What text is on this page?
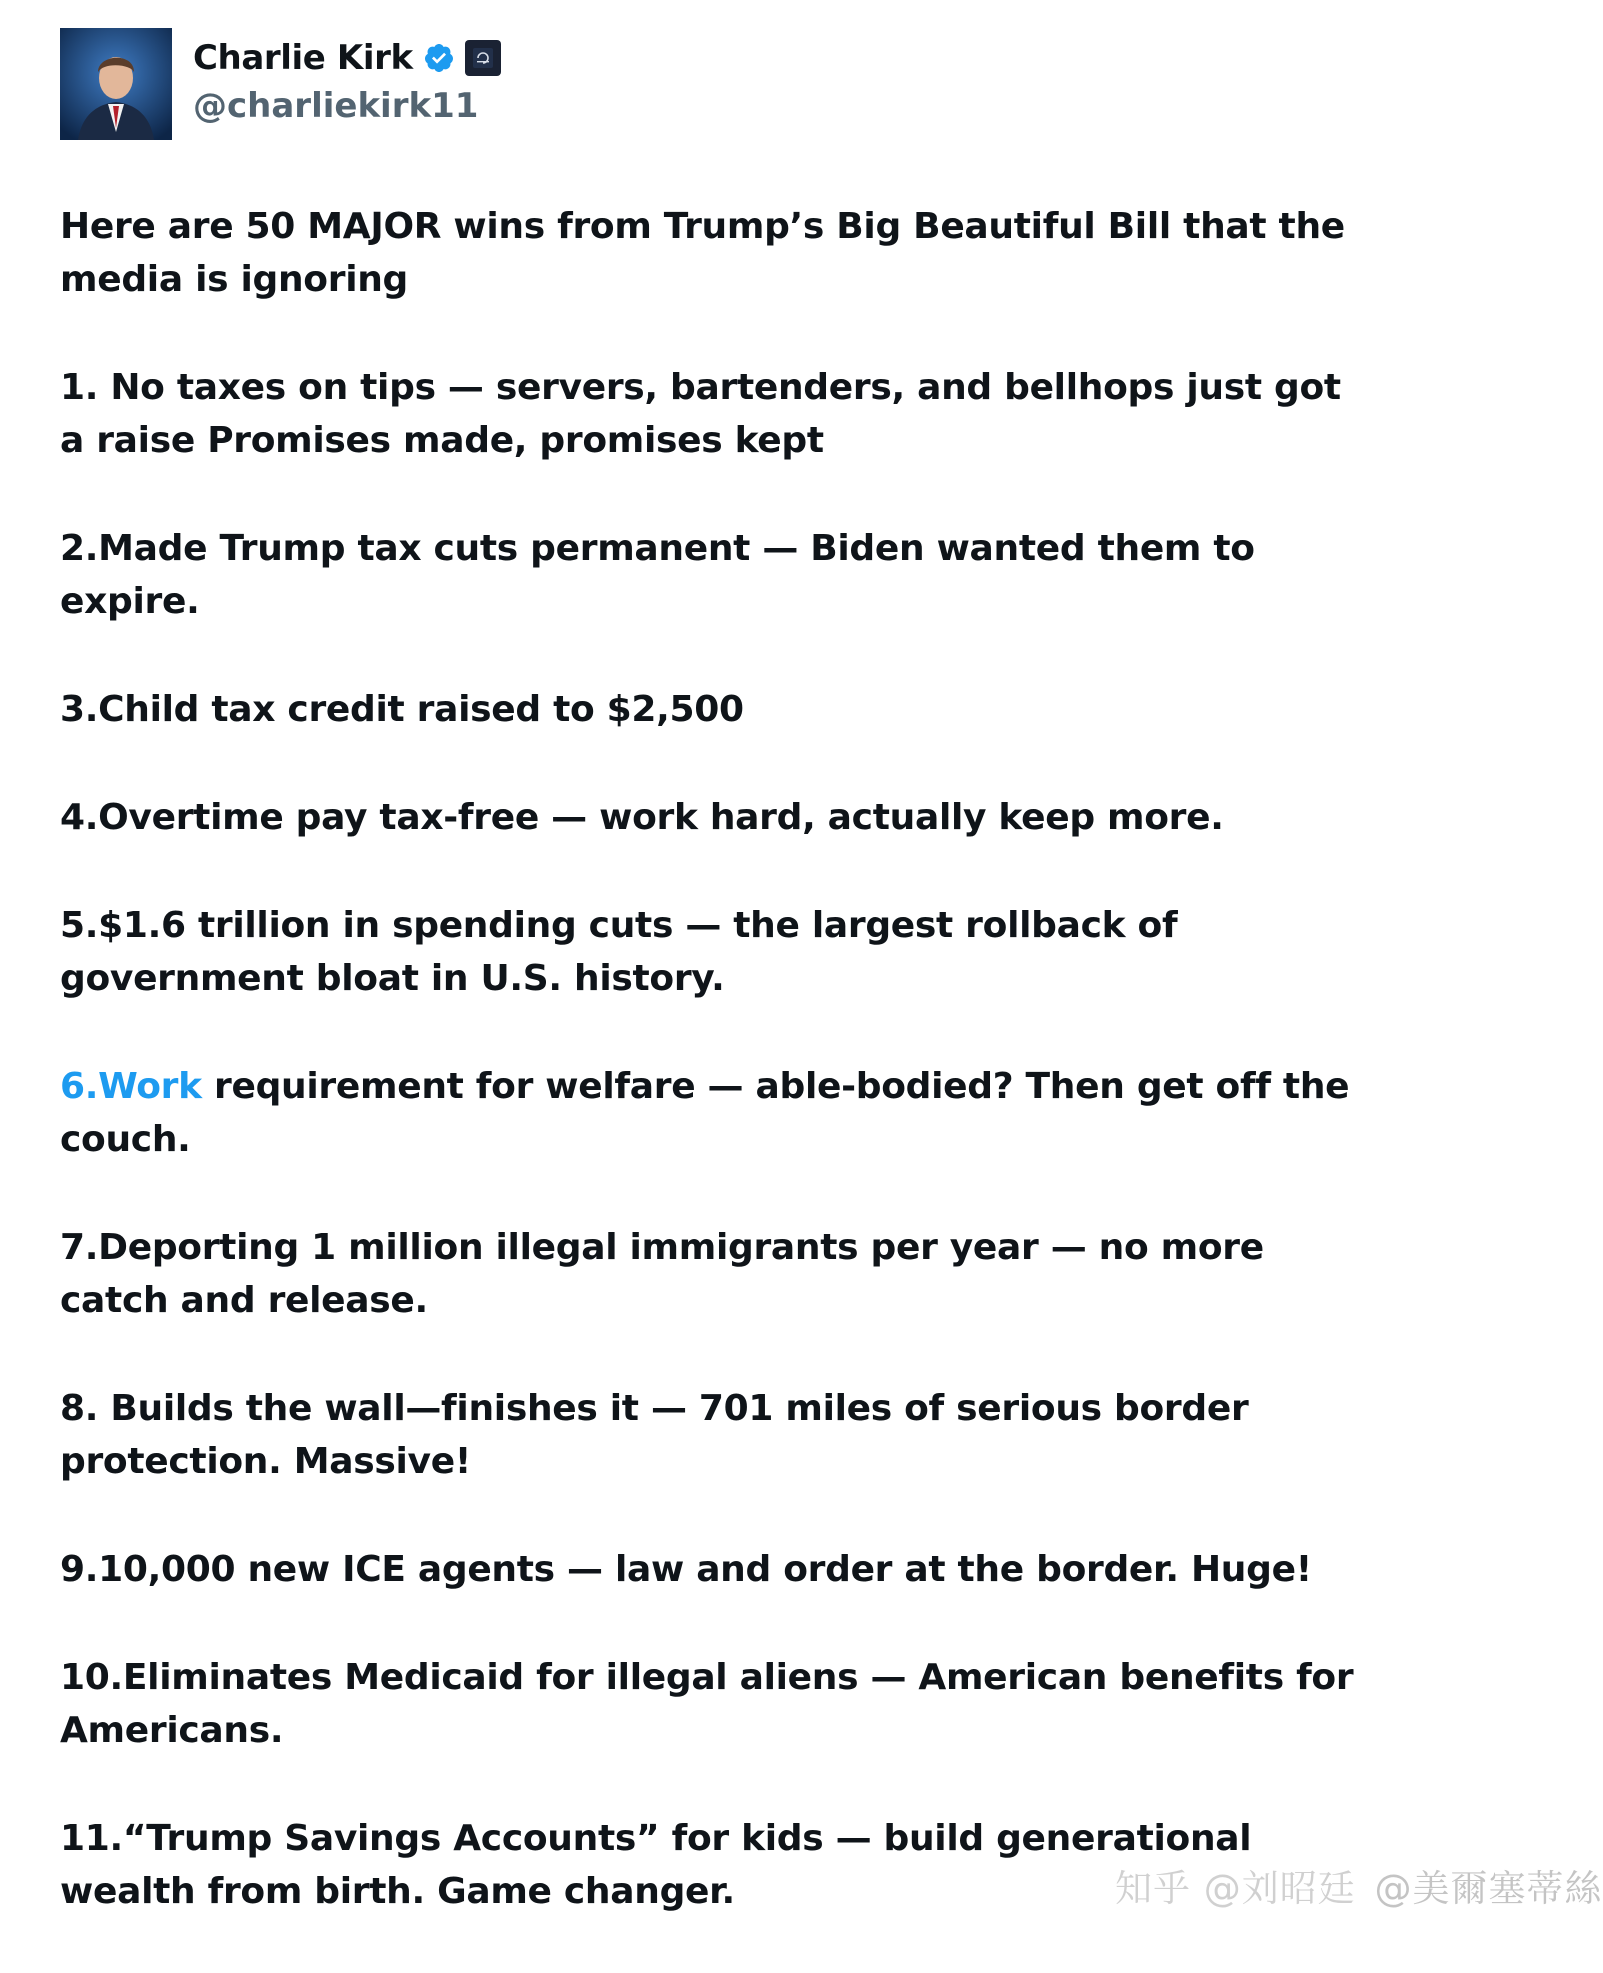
Charlie Kirk
@charliekirk11

Here are 50 MAJOR wins from Trump’s Big Beautiful Bill that the media is ignoring

1. No taxes on tips — servers, bartenders, and bellhops just got a raise Promises made, promises kept

2.Made Trump tax cuts permanent — Biden wanted them to expire.

3.Child tax credit raised to $2,500

4.Overtime pay tax-free — work hard, actually keep more.

5.$1.6 trillion in spending cuts — the largest rollback of government bloat in U.S. history.

6.Work requirement for welfare — able-bodied? Then get off the couch.

7.Deporting 1 million illegal immigrants per year — no more catch and release.

8. Builds the wall—finishes it — 701 miles of serious border protection. Massive!

9.10,000 new ICE agents — law and order at the border. Huge!

10.Eliminates Medicaid for illegal aliens — American benefits for Americans.

11.“Trump Savings Accounts” for kids — build generational wealth from birth. Game changer.	知乎 @刘昭廷 @美爾塞蒂絲
